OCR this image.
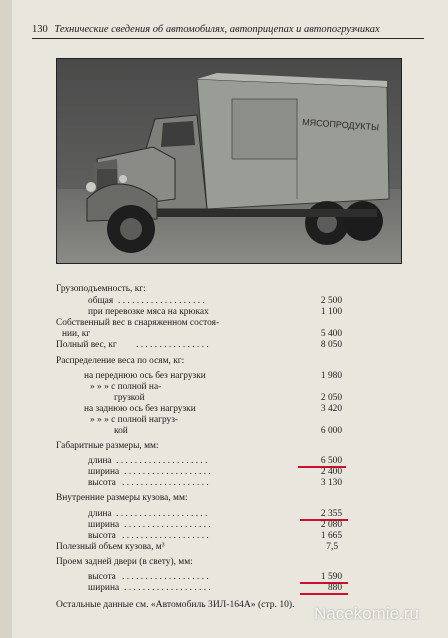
130 Технические сведения об автомобилях, автоприцепах и автопогрузчиках
МЯСОПРОДУКТЫ
Грузоподъемность, кг:
общая . . . . . . . . . . . . . . . . . . .	2 500
при перевозке мяса на крюках	1 100
Собственный вес в снаряженном состоя-
нии, кг	5 400
Полный вес, кг . . . . . . . . . . . . . . . .	8 050
Распределение веса по осям, кг:
на переднюю ось без нагрузки	1 980
» » » с полной на-
грузкой	2 050
на заднюю ось без нагрузки	3 420
» » » с полной нагруз-
кой	6 000
Габаритные размеры, мм:
длина . . . . . . . . . . . . . . . . . . . .	6 500
ширина . . . . . . . . . . . . . . . . . . .	2 400
высота . . . . . . . . . . . . . . . . . . .	3 130
Внутренние размеры кузова, мм:
длина . . . . . . . . . . . . . . . . . . . .	2 355
ширина . . . . . . . . . . . . . . . . . . .	2 080
высота . . . . . . . . . . . . . . . . . . .	1 665
Полезный объем кузова, м³	7,5
Проем задней двери (в свету), мм:
высота . . . . . . . . . . . . . . . . . . .	1 590
ширина . . . . . . . . . . . . . . . . . . .	880
Остальные данные см. «Автомобиль ЗИЛ-164А» (стр. 10). Nacekomie.ru
